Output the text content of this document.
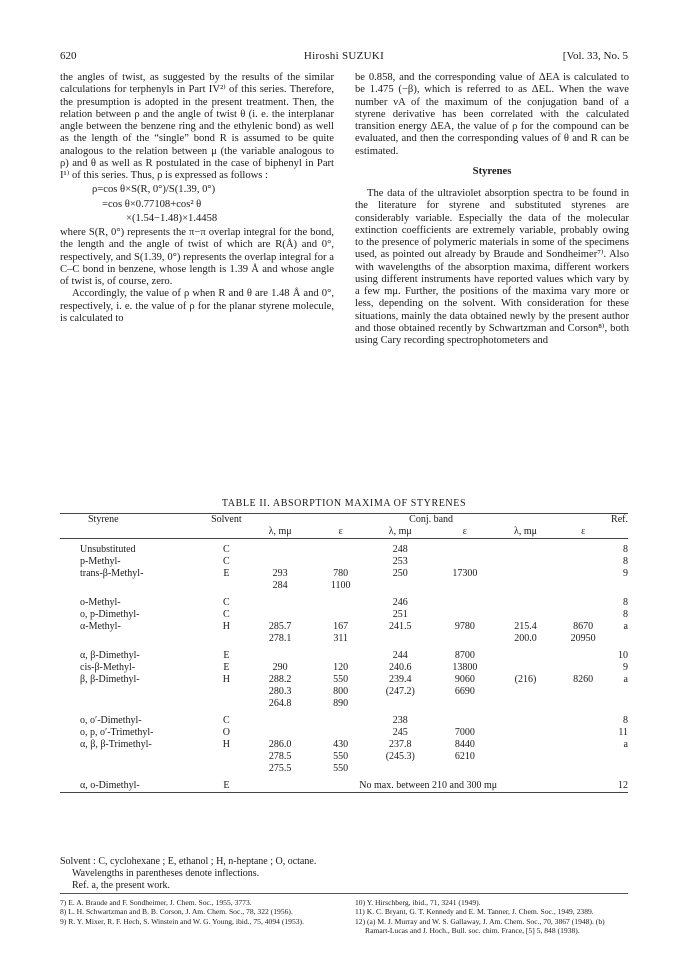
620	Hiroshi SUZUKI	[Vol. 33, No. 5

the angles of twist, as suggested by the results of the similar calculations for terphenyls in Part IV²⁾ of this series. Therefore, the presumption is adopted in the present treatment. Then, the relation between ρ and the angle of twist θ (i. e. the interplanar angle between the benzene ring and the ethylenic bond) as well as the length of the “single” bond R is assumed to be quite analogous to the relation between μ (the variable analogous to ρ) and θ as well as R postulated in the case of biphenyl in Part I¹⁾ of this series. Thus, ρ is expressed as follows :

ρ=cos θ×S(R, 0°)/S(1.39, 0°)
=cos θ×0.77108+cos² θ
×(1.54−1.48)×1.4458

where S(R, 0°) represents the π−π overlap integral for the bond, the length and the angle of twist of which are R(Å) and 0°, respectively, and S(1.39, 0°) represents the overlap integral for a C–C bond in benzene, whose length is 1.39 Å and whose angle of twist is, of course, zero.

Accordingly, the value of ρ when R and θ are 1.48 Å and 0°, respectively, i. e. the value of ρ for the planar styrene molecule, is calculated to

be 0.858, and the corresponding value of ΔEA is calculated to be 1.475 (−β), which is referred to as ΔEL. When the wave number νA of the maximum of the conjugation band of a styrene derivative has been correlated with the calculated transition energy ΔEA, the value of ρ for the compound can be evaluated, and then the corresponding values of θ and R can be estimated.

Styrenes

The data of the ultraviolet absorption spectra to be found in the literature for styrene and substituted styrenes are considerably variable. Especially the data of the molecular extinction coefficients are extremely variable, probably owing to the presence of polymeric materials in some of the specimens used, as pointed out already by Braude and Sondheimer⁷⁾. Also with wavelengths of the absorption maxima, different workers using different instruments have reported values which vary by a few mμ. Further, the positions of the maxima vary more or less, depending on the solvent. With consideration for these situations, mainly the data obtained newly by the present author and those obtained recently by Schwartzman and Corson⁸⁾, both using Cary recording spectrophotometers and

TABLE II. ABSORPTION MAXIMA OF STYRENES

Styrene	Solvent			Conj. band				Ref.
		λ, mμ	ε	λ, mμ	ε	λ, mμ	ε	

Unsubstituted	C			248				8
p-Methyl-	C			253				8
trans-β-Methyl-	E	293	780	250	17300			9
		284	1100					

o-Methyl-	C			246				8
o, p-Dimethyl-	C			251				8
α-Methyl-	H	285.7	167	241.5	9780	215.4	8670	a
		278.1	311			200.0	20950	

α, β-Dimethyl-	E			244	8700			10
cis-β-Methyl-	E	290	120	240.6	13800			9
β, β-Dimethyl-	H	288.2	550	239.4	9060	(216)	8260	a
		280.3	800	(247.2)	6690			
		264.8	890					

o, o′-Dimethyl-	C			238				8
o, p, o′-Trimethyl-	O			245	7000			11
α, β, β-Trimethyl-	H	286.0	430	237.8	8440			a
		278.5	550	(245.3)	6210			
		275.5	550					

α, o-Dimethyl-	E	No max. between 210 and 300 mμ						12

Solvent : C, cyclohexane ; E, ethanol ; H, n-heptane ; O, octane.
Wavelengths in parentheses denote inflections.
Ref. a, the present work.
7) E. A. Braude and F. Sondheimer, J. Chem. Soc., 1955, 3773.
8) L. H. Schwartzman and B. B. Corson, J. Am. Chem. Soc., 78, 322 (1956).
9) R. Y. Mixer, R. F. Hech, S. Winstein and W. G. Young, ibid., 75, 4094 (1953).
10) Y. Hirschberg, ibid., 71, 3241 (1949).
11) K. C. Bryant, G. T. Kennedy and E. M. Tanner, J. Chem. Soc., 1949, 2389.
12) (a) M. J. Murray and W. S. Gallaway, J. Am. Chem. Soc., 70, 3867 (1948). (b) Ramart-Lucas and J. Hoch., Bull. soc. chim. France, [5] 5, 848 (1938).
